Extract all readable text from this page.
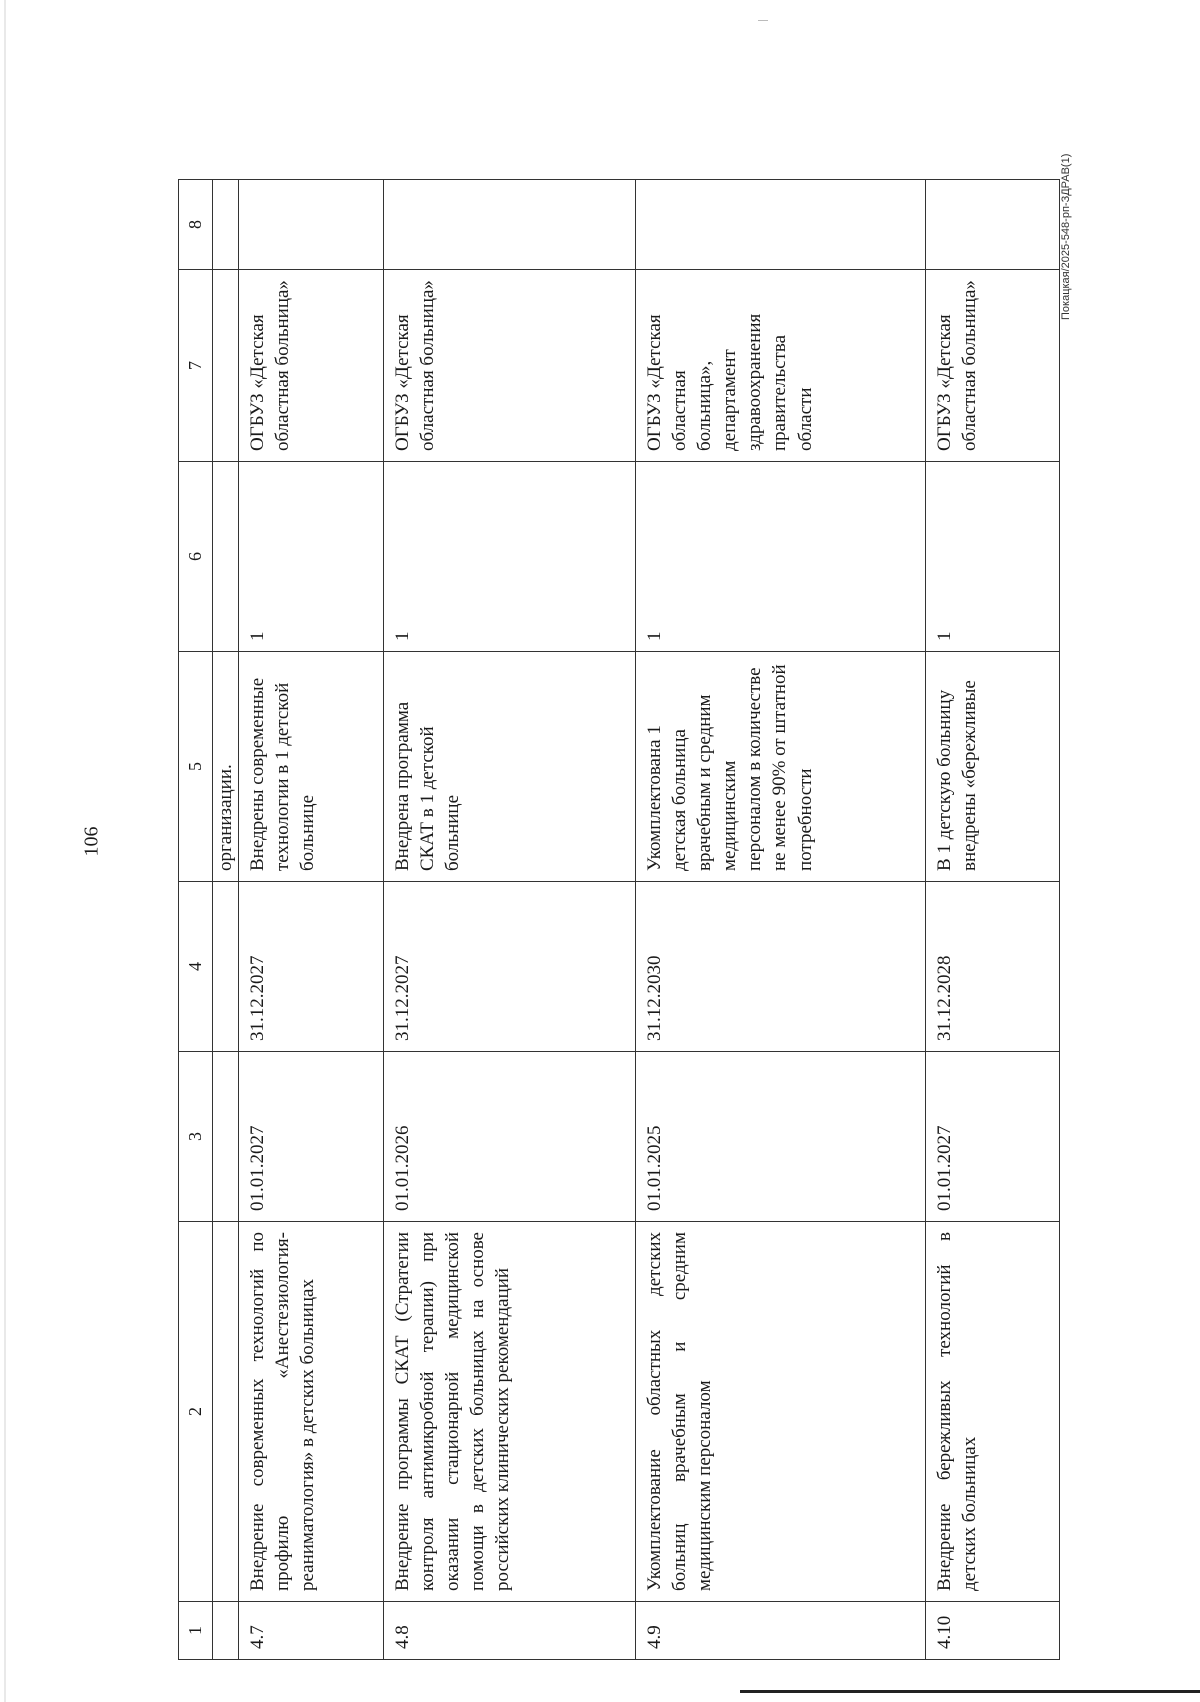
106
1	2	3	4	5	6	7	8
				организации.			
4.7	Внедрение современных технологий по профилю «Анестезиология-реаниматология» в детских больницах	01.01.2027	31.12.2027	Внедрены современные технологии в 1 детской больнице	1	ОГБУЗ «Детская областная больница»	
4.8	Внедрение программы СКАТ (Стратегии контроля антимикробной терапии) при оказании стационарной медицинской помощи в детских больницах на основе российских клинических рекомендаций	01.01.2026	31.12.2027	Внедрена программа СКАТ в 1 детской больнице	1	ОГБУЗ «Детская областная больница»	
4.9	Укомплектование областных детских больниц врачебным и средним медицинским персоналом	01.01.2025	31.12.2030	Укомплектована 1 детская больница врачебным и средним медицинским персоналом в количестве не менее 90% от штатной потребности	1	ОГБУЗ «Детская областная больница», департамент здравоохранения правительства области	
4.10	Внедрение бережливых технологий в детских больницах	01.01.2027	31.12.2028	В 1 детскую больницу внедрены «бережливые	1	ОГБУЗ «Детская областная больница»	
Покацкая/2025-548-рп-ЗДРАВ(1)
